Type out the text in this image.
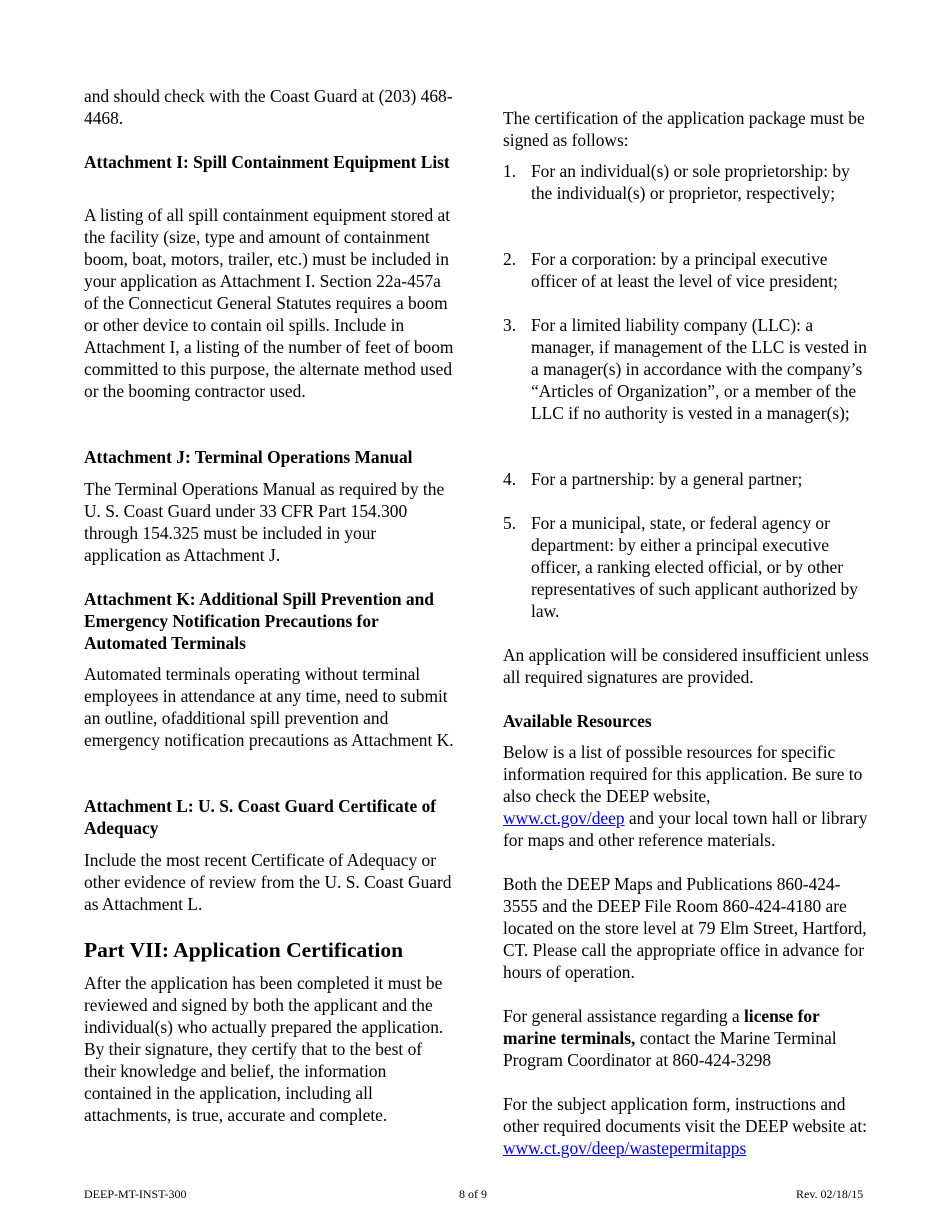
and should check with the Coast Guard at (203) 468-4468.

Attachment I: Spill Containment Equipment List

A listing of all spill containment equipment stored at the facility (size, type and amount of containment boom, boat, motors, trailer, etc.) must be included in your application as Attachment I. Section 22a-457a of the Connecticut General Statutes requires a boom or other device to contain oil spills. Include in Attachment I, a listing of the number of feet of boom committed to this purpose, the alternate method used or the booming contractor used.

Attachment J: Terminal Operations Manual

The Terminal Operations Manual as required by the U. S. Coast Guard under 33 CFR Part 154.300 through 154.325 must be included in your application as Attachment J.

Attachment K: Additional Spill Prevention and Emergency Notification Precautions for Automated Terminals

Automated terminals operating without terminal employees in attendance at any time, need to submit an outline, ofadditional spill prevention and emergency notification precautions as Attachment K.

Attachment L: U. S. Coast Guard Certificate of Adequacy

Include the most recent Certificate of Adequacy or other evidence of review from the U. S. Coast Guard as Attachment L.

Part VII: Application Certification

After the application has been completed it must be reviewed and signed by both the applicant and the individual(s) who actually prepared the application. By their signature, they certify that to the best of their knowledge and belief, the information contained in the application, including all attachments, is true, accurate and complete.

The certification of the application package must be signed as follows:

1. For an individual(s) or sole proprietorship: by the individual(s) or proprietor, respectively;
2. For a corporation: by a principal executive officer of at least the level of vice president;
3. For a limited liability company (LLC): a manager, if management of the LLC is vested in a manager(s) in accordance with the company’s “Articles of Organization”, or a member of the LLC if no authority is vested in a manager(s);
4. For a partnership: by a general partner;
5. For a municipal, state, or federal agency or department: by either a principal executive officer, a ranking elected official, or by other representatives of such applicant authorized by law.

An application will be considered insufficient unless all required signatures are provided.

Available Resources

Below is a list of possible resources for specific information required for this application. Be sure to also check the DEEP website,
www.ct.gov/deep and your local town hall or library for maps and other reference materials.

Both the DEEP Maps and Publications 860-424-3555 and the DEEP File Room 860-424-4180 are located on the store level at 79 Elm Street, Hartford, CT. Please call the appropriate office in advance for hours of operation.

For general assistance regarding a license for marine terminals, contact the Marine Terminal Program Coordinator at 860-424-3298

For the subject application form, instructions and other required documents visit the DEEP website at: www.ct.gov/deep/wastepermitapps

DEEP-MT-INST-300	8 of 9	Rev. 02/18/15
